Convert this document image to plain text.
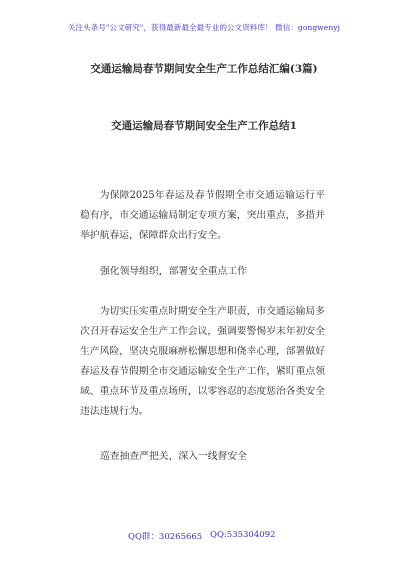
关注头条号"公文研究"，获得最新最全最专业的公文资料库！ 微信：gongwenyj
交通运输局春节期间安全生产工作总结汇编(3篇)
交通运输局春节期间安全生产工作总结1

为保障2025年春运及春节假期全市交通运输运行平稳有序，市交通运输局制定专项方案，突出重点，多措并举护航春运，保障群众出行安全。

强化领导组织，部署安全重点工作

为切实压实重点时期安全生产职责，市交通运输局多次召开春运安全生产工作会议，强调要警惕岁末年初安全生产风险，坚决克服麻痹松懈思想和侥幸心理，部署做好春运及春节假期全市交通运输安全生产工作，紧盯重点领域、重点环节及重点场所，以零容忍的态度惩治各类安全违法违规行为。

巡查抽查严把关，深入一线督安全
QQ群：30265665 QQ:535304092
